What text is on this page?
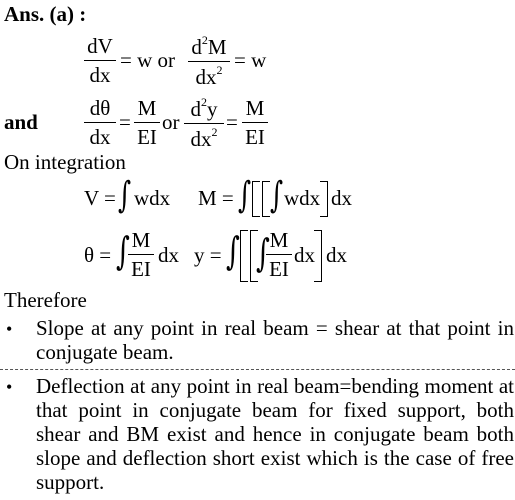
Ans. (a) :
dV
dx
= w or
$d^2M$
$dx^2 = w$
and
dθ
dx
=
M
EI
or
$d^2y$
$dx^2$ =
M
EI
On integration
V = ∫ wdx M = ∫ ∫ wdx dx
θ = ∫ M
EI
dx y = ∫ ∫ M
EI
dx dx
Therefore
• Slope at any point in real beam = shear at that point in conjugate beam.
• Deflection at any point in real beam=bending moment at that point in conjugate beam for fixed support, both shear and BM exist and hence in conjugate beam both slope and deflection short exist which is the case of free support.
